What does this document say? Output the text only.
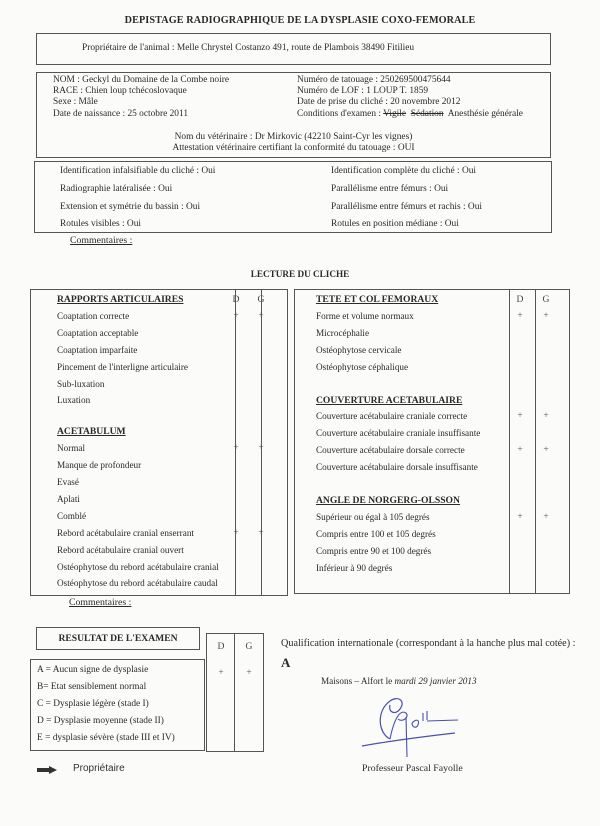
DEPISTAGE RADIOGRAPHIQUE DE LA DYSPLASIE COXO-FEMORALE
Propriétaire de l'animal : Melle Chrystel Costanzo 491, route de Plambois 38490 Fitilieu
NOM : Geckyl du Domaine de la Combe noire
RACE : Chien loup tchécoslovaque
Sexe : Mâle
Date de naissance : 25 octobre 2011
Numéro de tatouage : 250269500475644
Numéro de LOF : 1 LOUP T. 1859
Date de prise du cliché : 20 novembre 2012
Conditions d'examen : Vigile Sédation Anesthésie générale
Nom du vétérinaire : Dr Mirkovic (42210 Saint-Cyr les vignes)
Attestation vétérinaire certifiant la conformité du tatouage : OUI
Identification infalsifiable du cliché : Oui
Radiographie latéralisée : Oui
Extension et symétrie du bassin : Oui
Rotules visibles : Oui
Identification complète du cliché : Oui
Parallélisme entre fémurs : Oui
Parallélisme entre fémurs et rachis : Oui
Rotules en position médiane : Oui
Commentaires :
LECTURE DU CLICHE
D	G
RAPPORTS ARTICULAIRES
Coaptation correcte	+	+
Coaptation acceptable
Coaptation imparfaite
Pincement de l'interligne articulaire
Sub-luxation
Luxation
ACETABULUM
Normal	+	+
Manque de profondeur
Evasé
Aplati
Comblé
Rebord acétabulaire cranial enserrant	+	+
Rebord acétabulaire cranial ouvert
Ostéophytose du rebord acétabulaire cranial
Ostéophytose du rebord acétabulaire caudal
D	G
TETE ET COL FEMORAUX
Forme et volume normaux	+	+
Microcéphalie
Ostéophytose cervicale
Ostéophytose céphalique
COUVERTURE ACETABULAIRE
Couverture acétabulaire craniale correcte	+	+
Couverture acétabulaire craniale insuffisante
Couverture acétabulaire dorsale correcte	+	+
Couverture acétabulaire dorsale insuffisante
ANGLE DE NORGERG-OLSSON
Supérieur ou égal à 105 degrés	+	+
Compris entre 100 et 105 degrés
Compris entre 90 et 100 degrés
Inférieur à 90 degrés
Commentaires :
RESULTAT DE L'EXAMEN
A = Aucun signe de dysplasie
B= Etat sensiblement normal
C = Dysplasie légère (stade I)
D = Dysplasie moyenne (stade II)
E = dysplasie sévère (stade III et IV)
D	G
+	+
Propriétaire
Qualification internationale (correspondant à la hanche plus mal cotée) : A
Maisons – Alfort le mardi 29 janvier 2013
Professeur Pascal Fayolle
